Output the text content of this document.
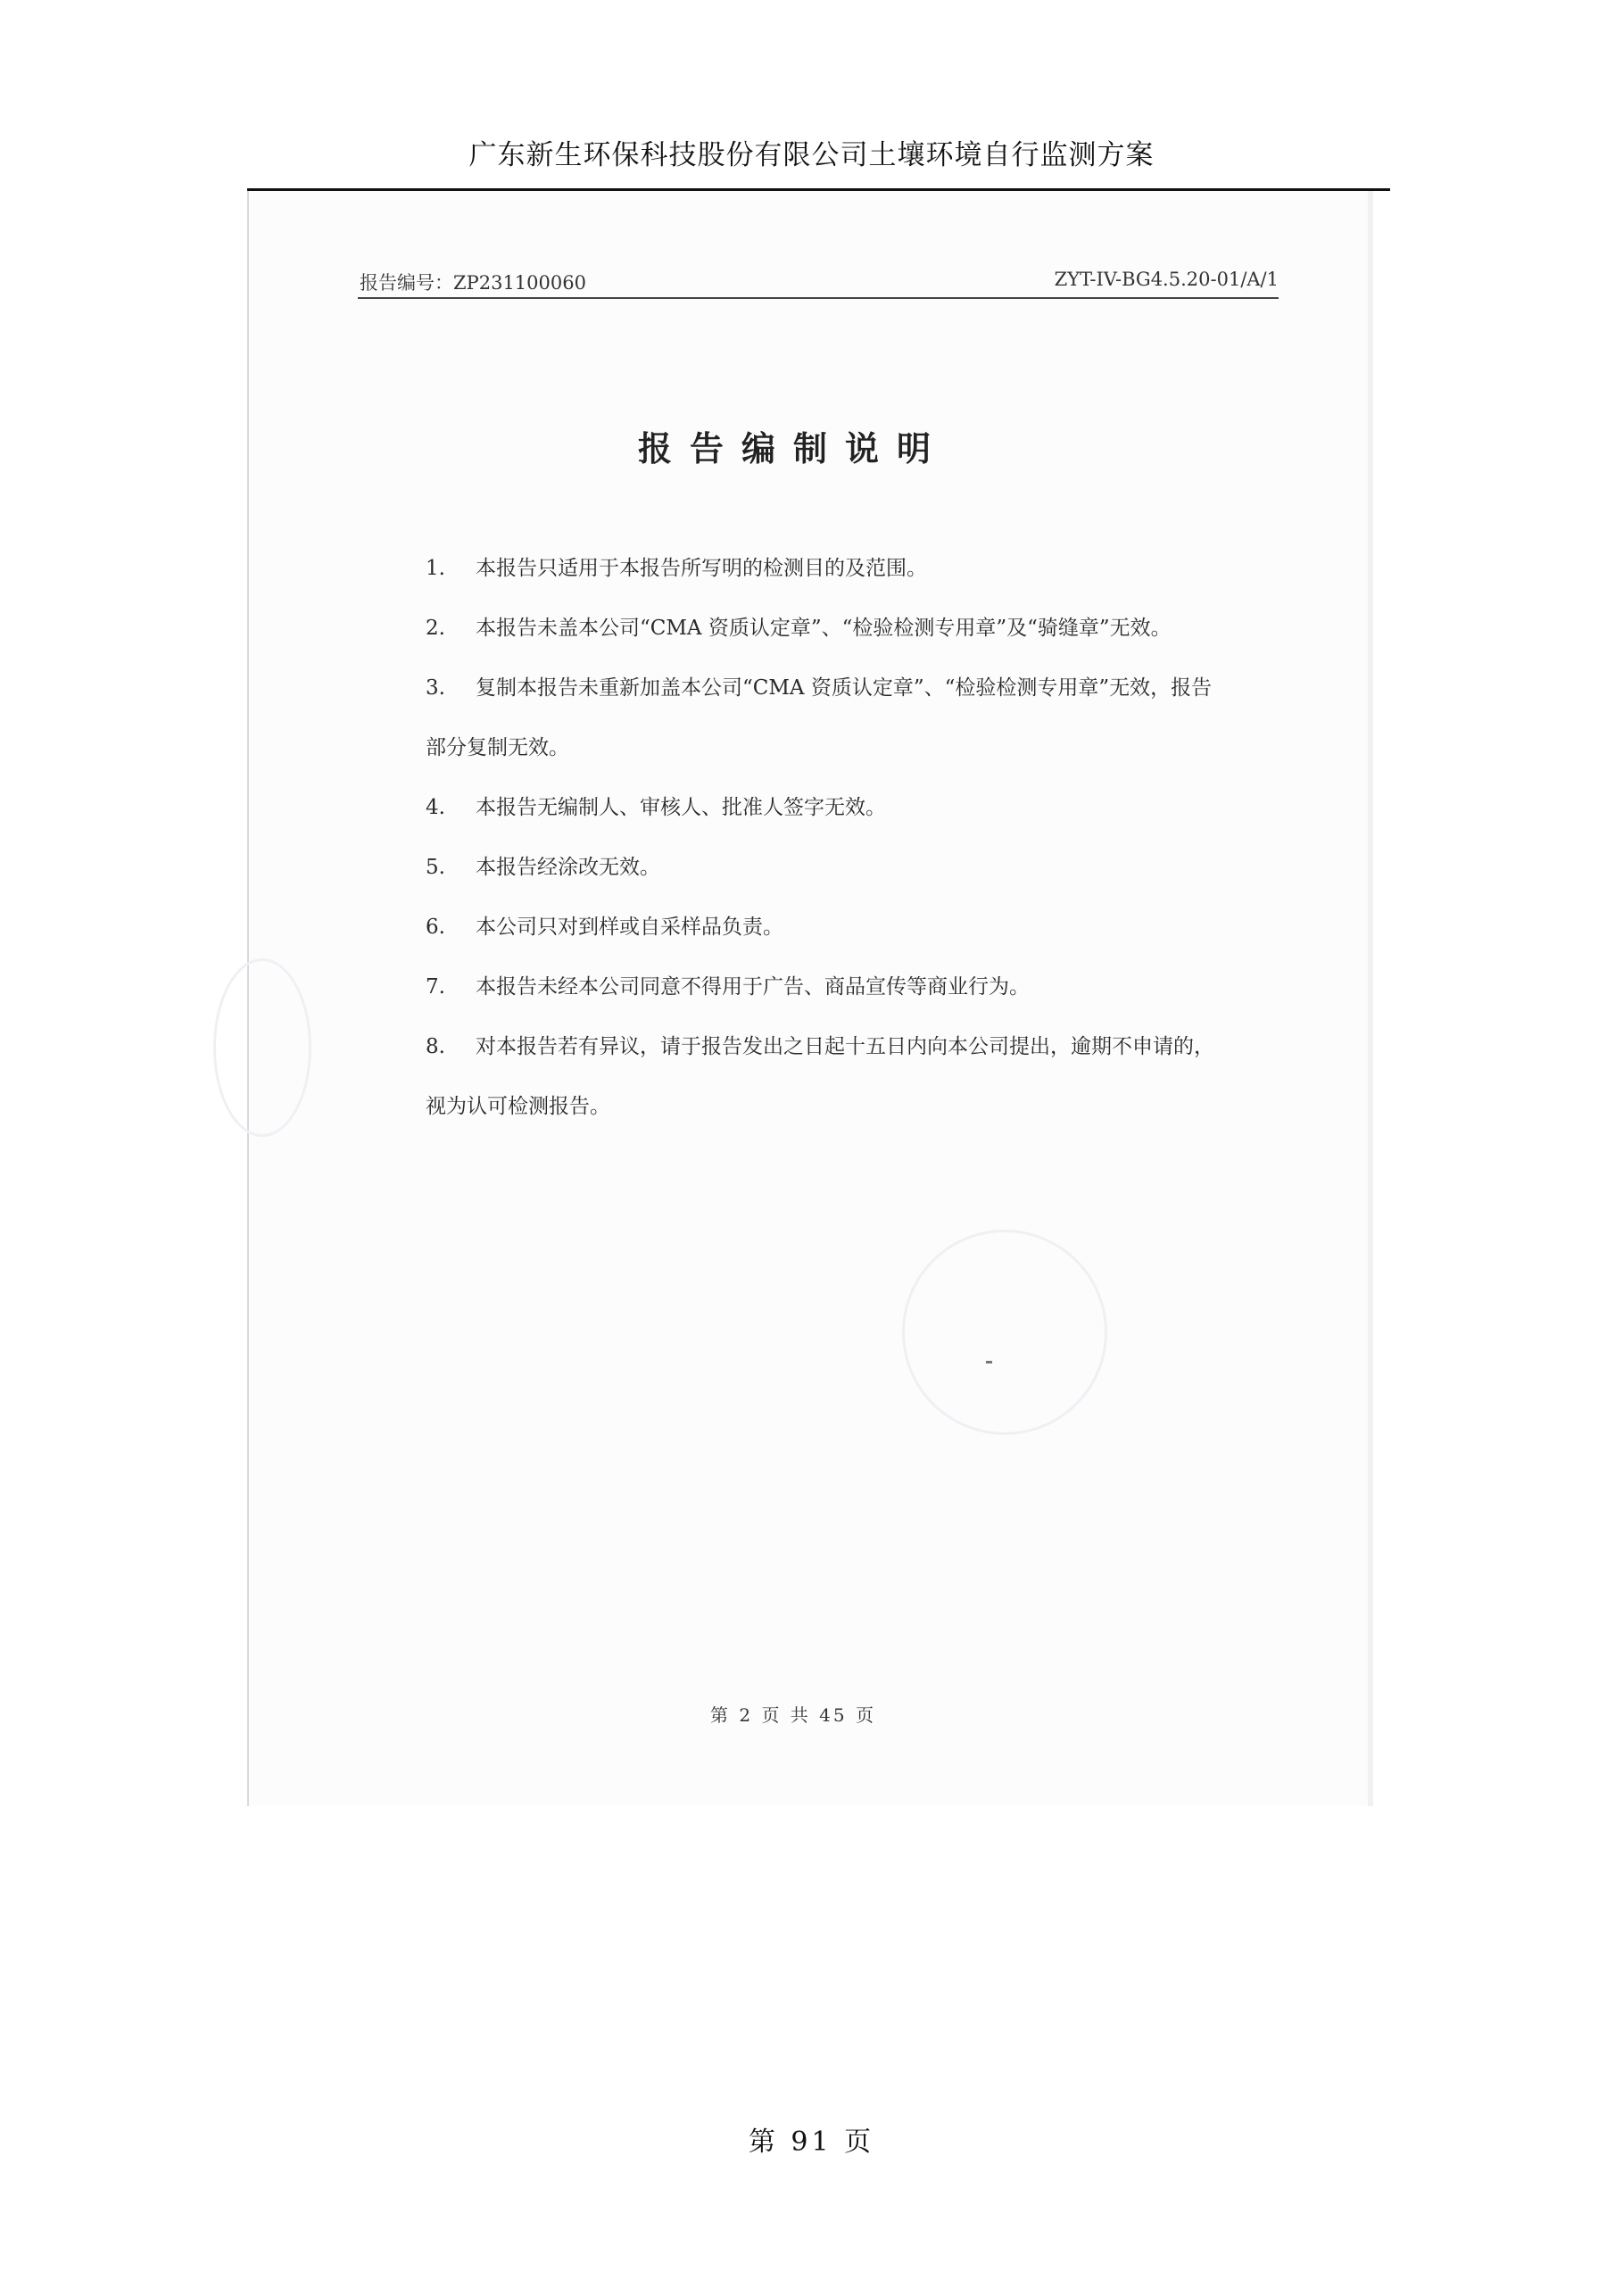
广东新生环保科技股份有限公司土壤环境自行监测方案
报告编号：ZP231100060	ZYT-IV-BG4.5.20-01/A/1
报告编制说明
1. 本报告只适用于本报告所写明的检测目的及范围。
2. 本报告未盖本公司“CMA 资质认定章”、“检验检测专用章”及“骑缝章”无效。
3. 复制本报告未重新加盖本公司“CMA 资质认定章”、“检验检测专用章”无效，报告
部分复制无效。
4. 本报告无编制人、审核人、批准人签字无效。
5. 本报告经涂改无效。
6. 本公司只对到样或自采样品负责。
7. 本报告未经本公司同意不得用于广告、商品宣传等商业行为。
8. 对本报告若有异议，请于报告发出之日起十五日内向本公司提出，逾期不申请的，
视为认可检测报告。
第 2 页 共 45 页
第 91 页
